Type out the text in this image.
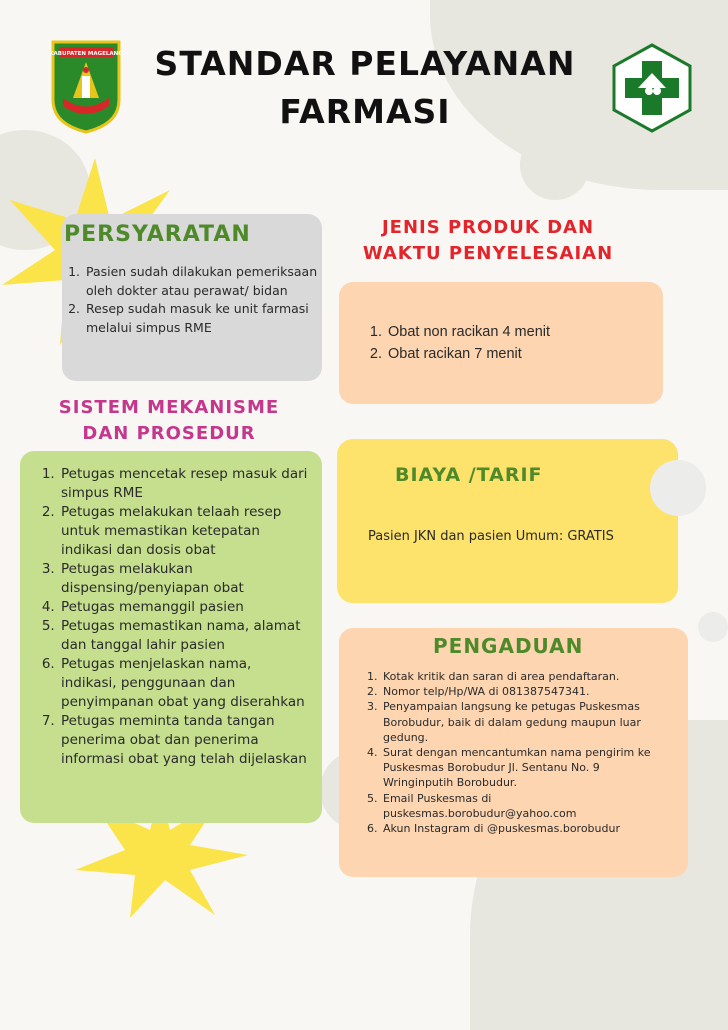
KABUPATEN MAGELANG STANDAR PELAYANAN
FARMASI
PERSYARATAN
1. Pasien sudah dilakukan pemeriksaan oleh dokter atau perawat/ bidan
2. Resep sudah masuk ke unit farmasi melalui simpus RME
JENIS PRODUK DAN
WAKTU PENYELESAIAN
1. Obat non racikan 4 menit
2. Obat racikan 7 menit
SISTEM MEKANISME
DAN PROSEDUR
1. Petugas mencetak resep masuk dari simpus RME
2. Petugas melakukan telaah resep untuk memastikan ketepatan indikasi dan dosis obat
3. Petugas melakukan dispensing/penyiapan obat
4. Petugas memanggil pasien
5. Petugas memastikan nama, alamat dan tanggal lahir pasien
6. Petugas menjelaskan nama, indikasi, penggunaan dan penyimpanan obat yang diserahkan
7. Petugas meminta tanda tangan penerima obat dan penerima informasi obat yang telah dijelaskan
BIAYA /TARIF
Pasien JKN dan pasien Umum: GRATIS
PENGADUAN
1. Kotak kritik dan saran di area pendaftaran.
2. Nomor telp/Hp/WA di 081387547341.
3. Penyampaian langsung ke petugas Puskesmas Borobudur, baik di dalam gedung maupun luar gedung.
4. Surat dengan mencantumkan nama pengirim ke Puskesmas Borobudur Jl. Sentanu No. 9 Wringinputih Borobudur.
5. Email Puskesmas di puskesmas.borobudur@yahoo.com
6. Akun Instagram di @puskesmas.borobudur
